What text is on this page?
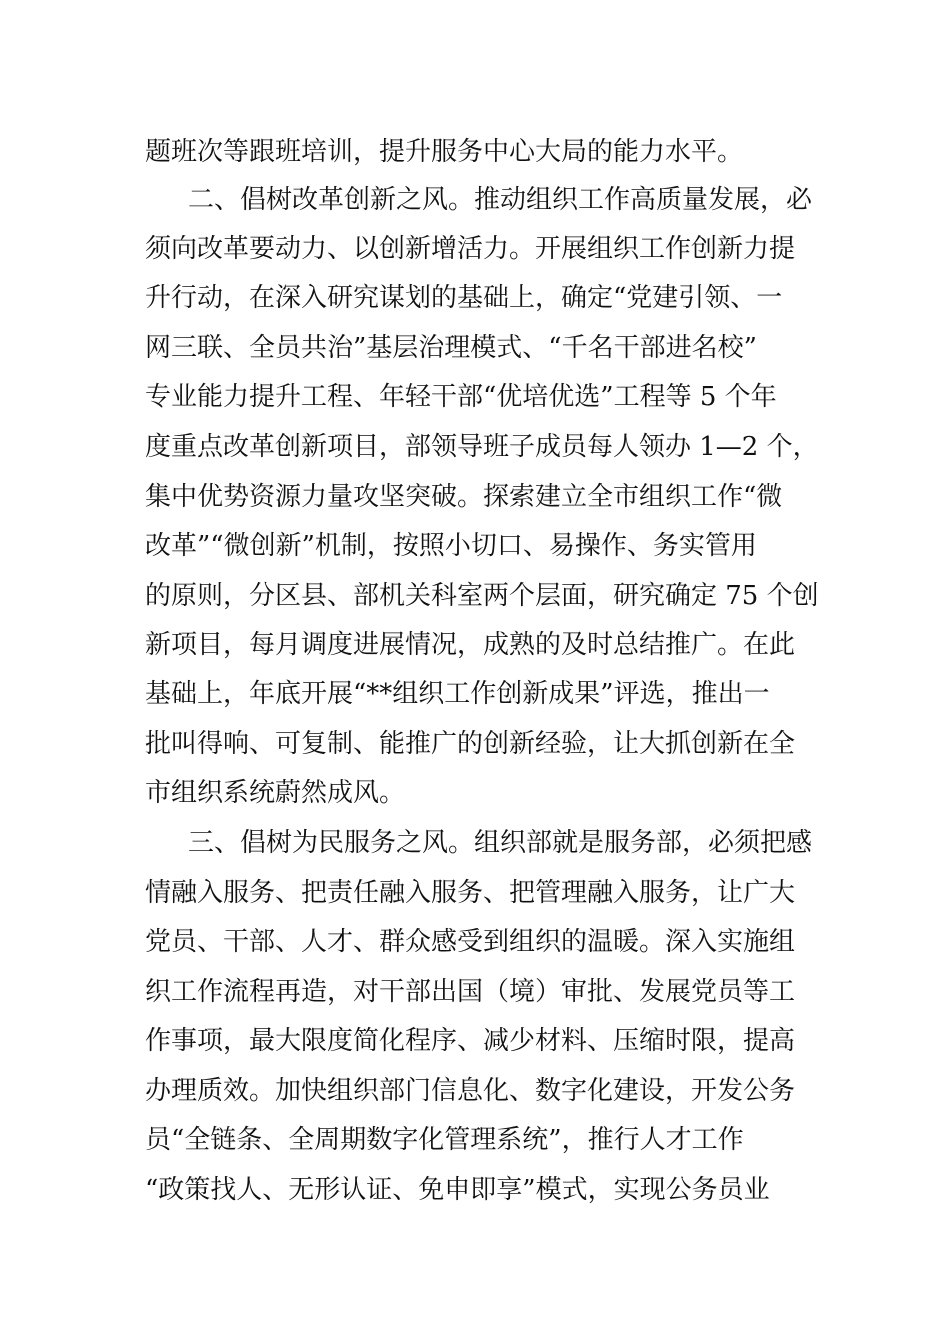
题班次等跟班培训，提升服务中心大局的能力水平。
二、倡树改革创新之风。推动组织工作高质量发展，必
须向改革要动力、以创新增活力。开展组织工作创新力提
升行动，在深入研究谋划的基础上，确定“党建引领、一
网三联、全员共治”基层治理模式、“千名干部进名校”
专业能力提升工程、年轻干部“优培优选”工程等 5 个年
度重点改革创新项目，部领导班子成员每人领办 1—2 个，
集中优势资源力量攻坚突破。探索建立全市组织工作“微
改革”“微创新”机制，按照小切口、易操作、务实管用
的原则，分区县、部机关科室两个层面，研究确定 75 个创
新项目，每月调度进展情况，成熟的及时总结推广。在此
基础上，年底开展“**组织工作创新成果”评选，推出一
批叫得响、可复制、能推广的创新经验，让大抓创新在全
市组织系统蔚然成风。
三、倡树为民服务之风。组织部就是服务部，必须把感
情融入服务、把责任融入服务、把管理融入服务，让广大
党员、干部、人才、群众感受到组织的温暖。深入实施组
织工作流程再造，对干部出国（境）审批、发展党员等工
作事项，最大限度简化程序、减少材料、压缩时限，提高
办理质效。加快组织部门信息化、数字化建设，开发公务
员“全链条、全周期数字化管理系统”，推行人才工作
“政策找人、无形认证、免申即享”模式，实现公务员业
